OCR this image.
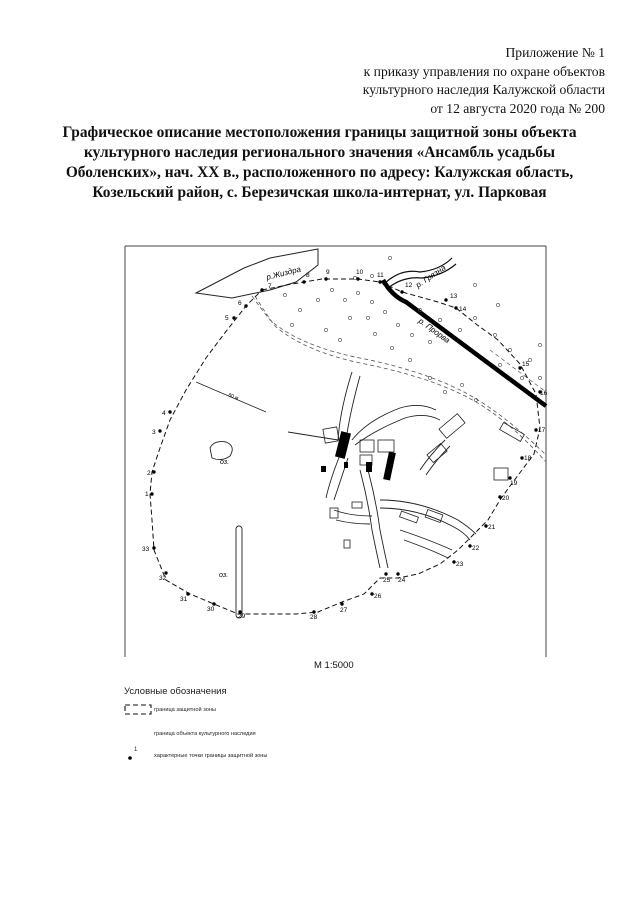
Приложение № 1
к приказу управления по охране объектов
культурного наследия Калужской области
от 12 августа 2020 года № 200
Графическое описание местоположения границы защитной зоны объекта
культурного наследия регионального значения «Ансамбль усадьбы
Оболенских», нач. XX в., расположенного по адресу: Калужская область,
Козельский район, с. Березичская школа-интернат, ул. Парковая
р.Жиздра	р. Грязна
р. Прорва
оз.
оз.
80 м
1
2
3
4
5
6
7
8	9	10 11
12
13
14
15
16
17
18
19
20
21
22
23
24
25
26
27
28
29
30
31
32
33
М 1:5000
Условные обозначения
граница защитной зоны
граница объекта культурного наследия
1
характерные точки границы защитной зоны
